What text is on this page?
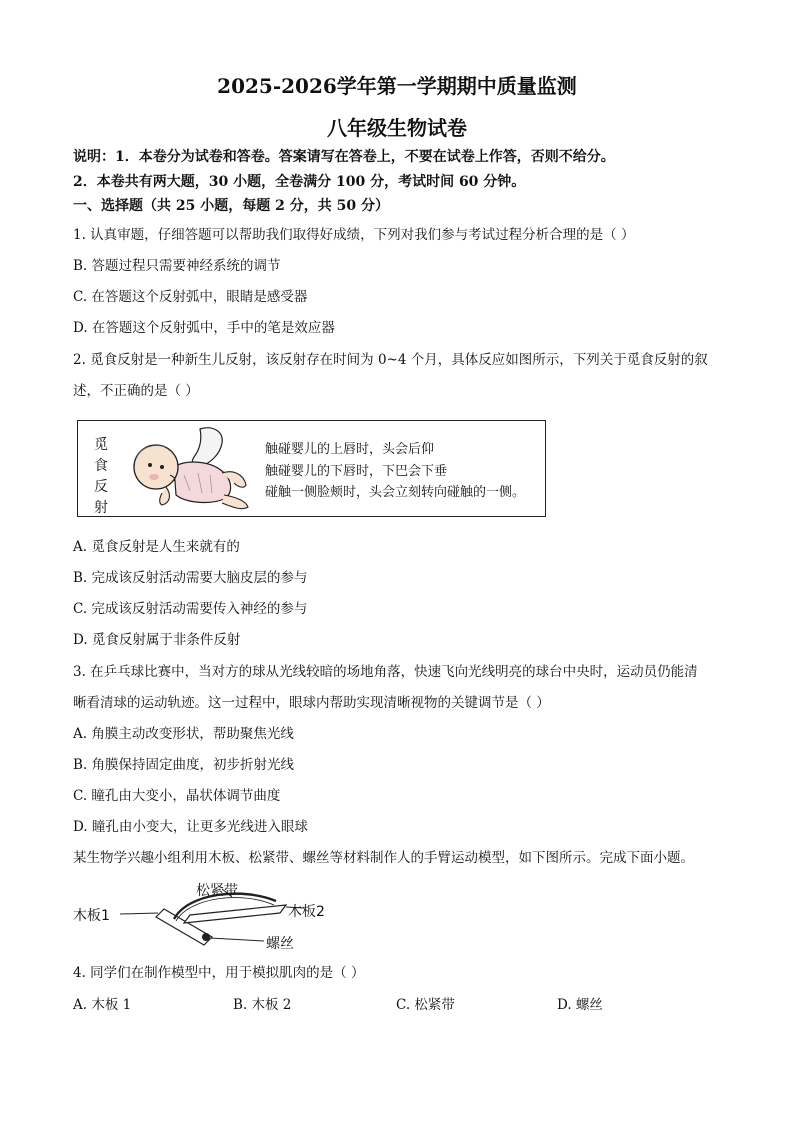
2025-2026学年第一学期期中质量监测
八年级生物试卷
说明：1．本卷分为试卷和答卷。答案请写在答卷上，不要在试卷上作答，否则不给分。
2．本卷共有两大题，30 小题，全卷满分 100 分，考试时间 60 分钟。
一、选择题（共 25 小题，每题 2 分，共 50 分）
1. 认真审题，仔细答题可以帮助我们取得好成绩，下列对我们参与考试过程分析合理的是（ ）
B. 答题过程只需要神经系统的调节
C. 在答题这个反射弧中，眼睛是感受器
D. 在答题这个反射弧中，手中的笔是效应器
2. 觅食反射是一种新生儿反射，该反射存在时间为 0~4 个月，具体反应如图所示，下列关于觅食反射的叙
述，不正确的是（ ）
觅
食
反
射
触碰婴儿的上唇时，头会后仰
触碰婴儿的下唇时，下巴会下垂
碰触一侧脸颊时，头会立刻转向碰触的一侧。
A. 觅食反射是人生来就有的
B. 完成该反射活动需要大脑皮层的参与
C. 完成该反射活动需要传入神经的参与
D. 觅食反射属于非条件反射
3. 在乒乓球比赛中，当对方的球从光线较暗的场地角落，快速飞向光线明亮的球台中央时，运动员仍能清
晰看清球的运动轨迹。这一过程中，眼球内帮助实现清晰视物的关键调节是（ ）
A. 角膜主动改变形状，帮助聚焦光线
B. 角膜保持固定曲度，初步折射光线
C. 瞳孔由大变小，晶状体调节曲度
D. 瞳孔由小变大，让更多光线进入眼球
某生物学兴趣小组利用木板、松紧带、螺丝等材料制作人的手臂运动模型，如下图所示。完成下面小题。
木板1
松紧带
木板2
螺丝
4. 同学们在制作模型中，用于模拟肌肉的是（ ）
A. 木板 1	B. 木板 2	C. 松紧带	D. 螺丝
